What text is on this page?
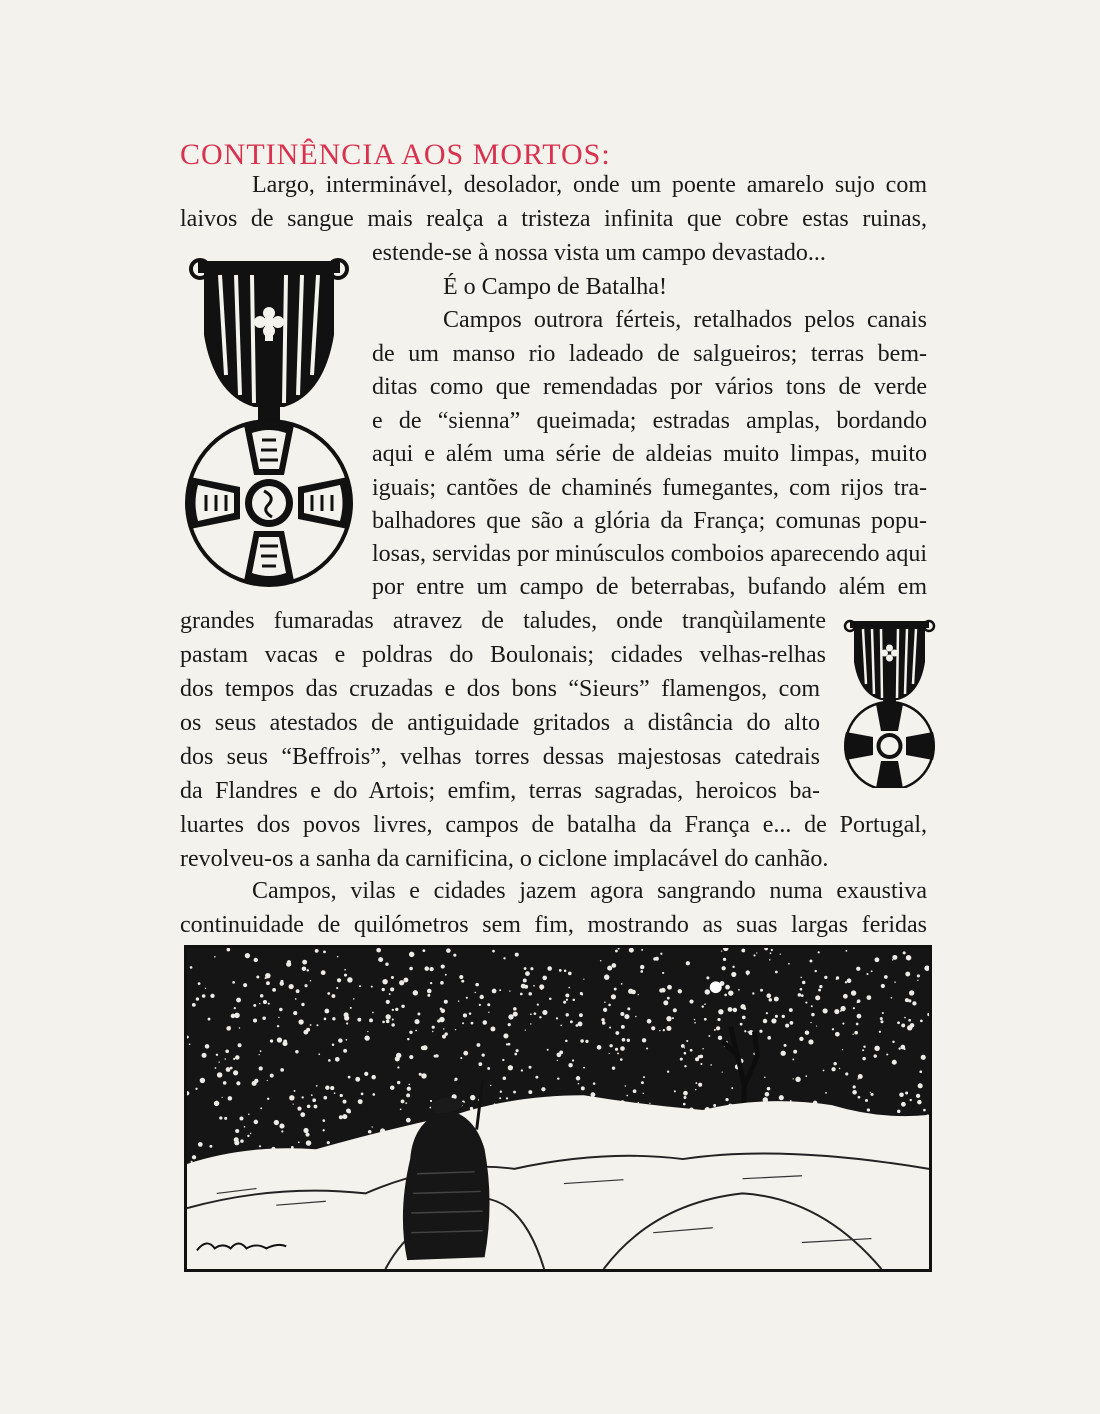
CONTINÊNCIA AOS MORTOS:
Largo, interminável, desolador, onde um poente amarelo sujo com
laivos de sangue mais realça a tristeza infinita que cobre estas ruinas,
estende-se à nossa vista um campo devastado...
É o Campo de Batalha!
Campos outrora férteis, retalhados pelos canais
de um manso rio ladeado de salgueiros; terras bem-
ditas como que remendadas por vários tons de verde
e de “sienna” queimada; estradas amplas, bordando
aqui e além uma série de aldeias muito limpas, muito
iguais; cantões de chaminés fumegantes, com rijos tra-
balhadores que são a glória da França; comunas popu-
losas, servidas por minúsculos comboios aparecendo aqui
por entre um campo de beterrabas, bufando além em
grandes fumaradas atravez de taludes, onde tranqùilamente
pastam vacas e poldras do Boulonais; cidades velhas-relhas
dos tempos das cruzadas e dos bons “Sieurs” flamengos, com
os seus atestados de antiguidade gritados a distância do alto
dos seus “Beffrois”, velhas torres dessas majestosas catedrais
da Flandres e do Artois; emfim, terras sagradas, heroicos ba-
luartes dos povos livres, campos de batalha da França e... de Portugal,
revolveu-os a sanha da carnificina, o ciclone implacável do canhão.
Campos, vilas e cidades jazem agora sangrando numa exaustiva
continuidade de quilómetros sem fim, mostrando as suas largas feridas
